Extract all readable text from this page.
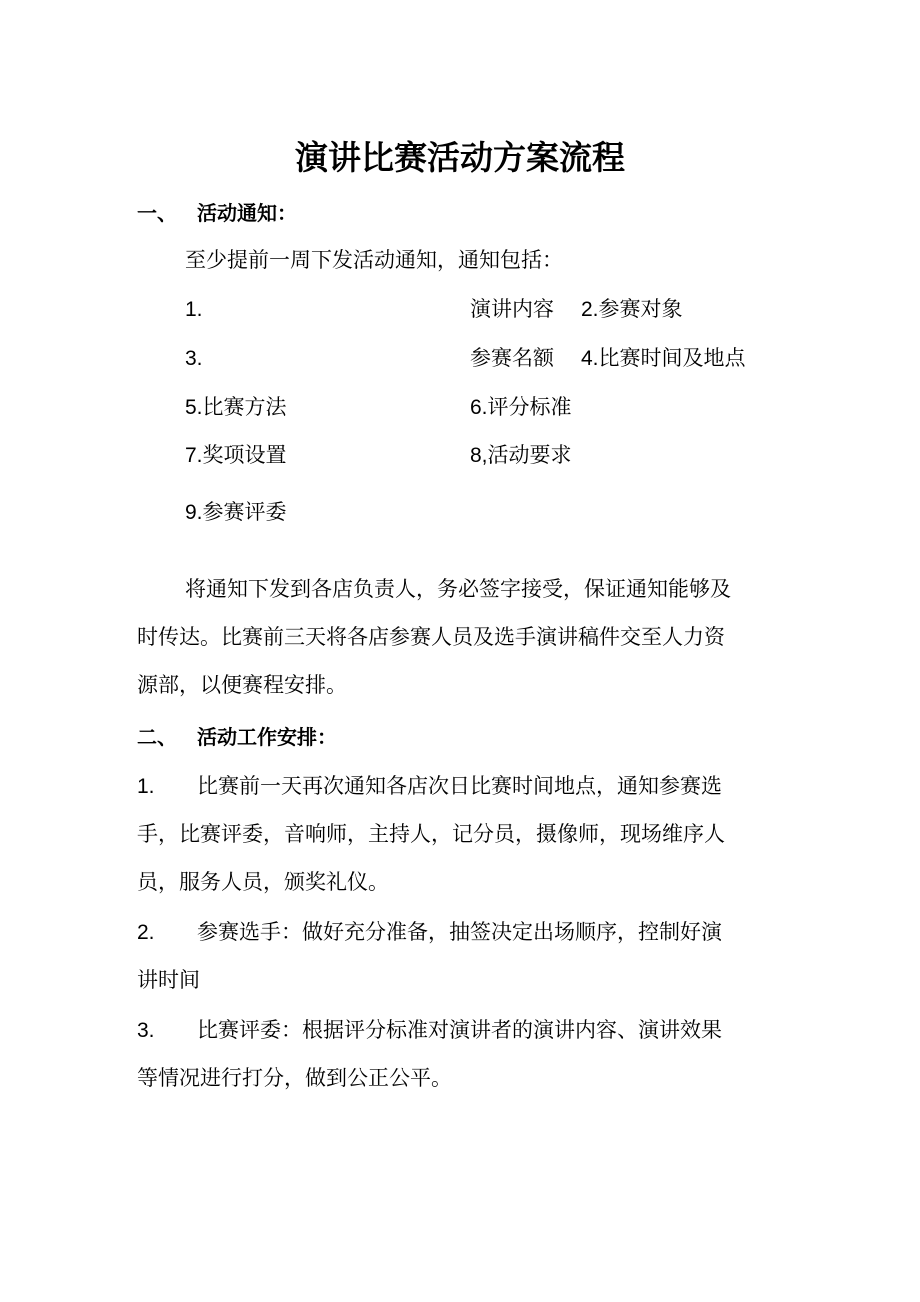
演讲比赛活动方案流程
一、 活动通知：
至少提前一周下发活动通知，通知包括：
1.	演讲内容 2.参赛对象
3.	参赛名额 4.比赛时间及地点
5.比赛方法	6.评分标准
7.奖项设置	8,活动要求
9.参赛评委
将通知下发到各店负责人，务必签字接受，保证通知能够及
时传达。比赛前三天将各店参赛人员及选手演讲稿件交至人力资
源部，以便赛程安排。
二、 活动工作安排：
1. 比赛前一天再次通知各店次日比赛时间地点，通知参赛选
手，比赛评委，音响师，主持人，记分员，摄像师，现场维序人
员，服务人员，颁奖礼仪。
2. 参赛选手：做好充分准备，抽签决定出场顺序，控制好演
讲时间
3. 比赛评委：根据评分标准对演讲者的演讲内容、演讲效果
等情况进行打分，做到公正公平。
